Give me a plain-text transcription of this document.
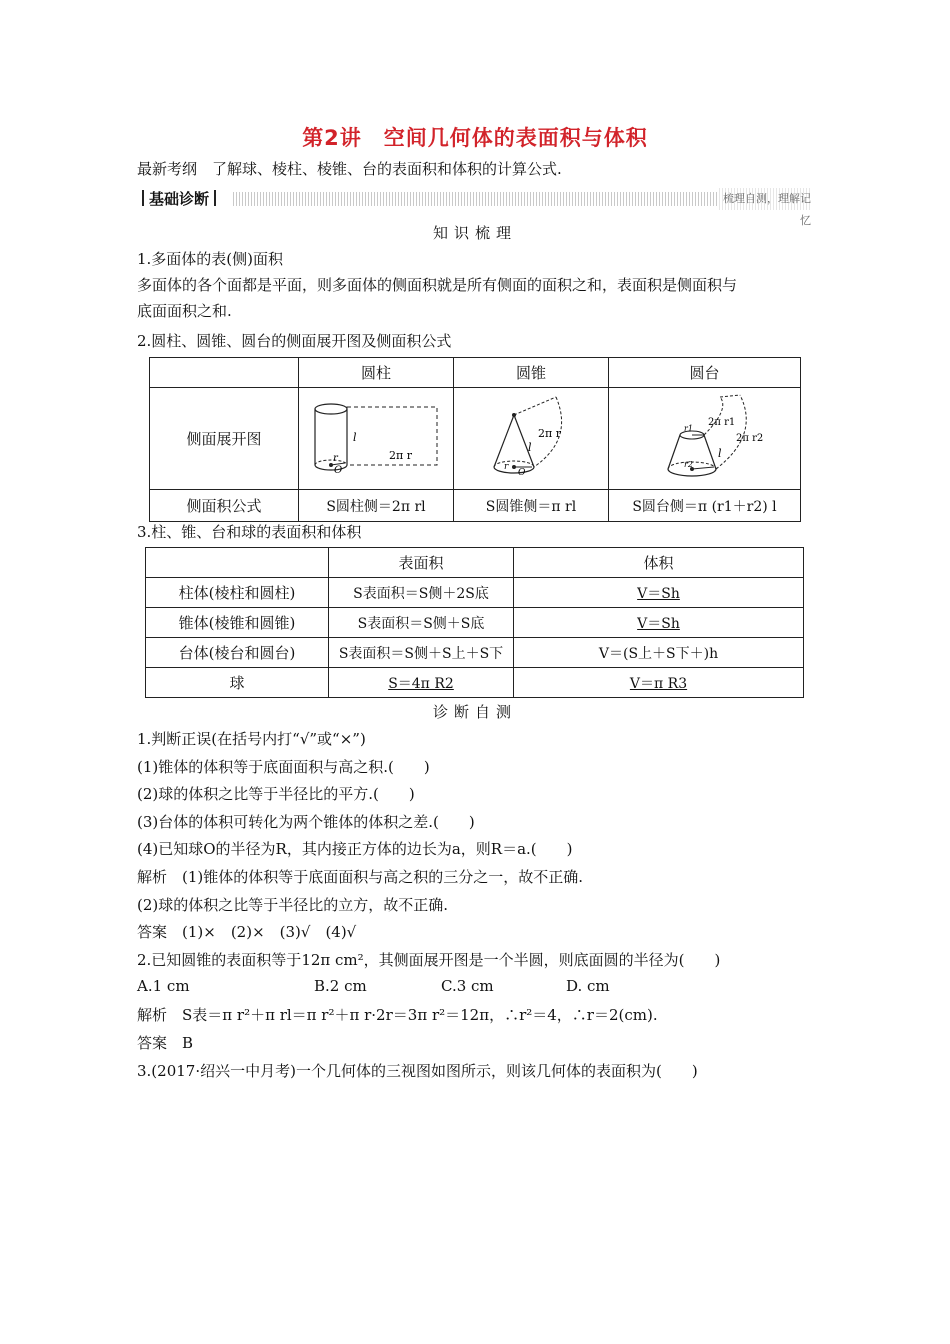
第2讲　空间几何体的表面积与体积
最新考纲　了解球、棱柱、棱锥、台的表面积和体积的计算公式.
基础诊断	梳理自测，理解记忆
知识梳理
1.多面体的表(侧)面积
多面体的各个面都是平面，则多面体的侧面积就是所有侧面的面积之和，表面积是侧面积与
底面面积之和.
2.圆柱、圆锥、圆台的侧面展开图及侧面积公式
	圆柱	圆锥	圆台
侧面展开图	l
2π r
r
O	2π r
l
r
O	2π r1
2π r2
r1
r2
l

侧面积公式	S圆柱侧＝2π rl	S圆锥侧＝π rl	S圆台侧＝π (r1＋r2) l
3.柱、锥、台和球的表面积和体积
	表面积	体积
柱体(棱柱和圆柱)	S表面积＝S侧＋2S底	V＝Sh
锥体(棱锥和圆锥)	S表面积＝S侧＋S底	V＝Sh
台体(棱台和圆台)	S表面积＝S侧＋S上＋S下	V＝(S上＋S下＋)h
球	S＝4π R2	V＝π R3
诊断自测
1.判断正误(在括号内打“√”或“×”)
(1)锥体的体积等于底面面积与高之积.(　　)
(2)球的体积之比等于半径比的平方.(　　)
(3)台体的体积可转化为两个锥体的体积之差.(　　)
(4)已知球O的半径为R，其内接正方体的边长为a，则R＝a.(　　)
解析　(1)锥体的体积等于底面面积与高之积的三分之一，故不正确.
(2)球的体积之比等于半径比的立方，故不正确.
答案　(1)×　(2)×　(3)√　(4)√
2.已知圆锥的表面积等于12π cm²，其侧面展开图是一个半圆，则底面圆的半径为(　　)
A.1 cm	B.2 cm	C.3 cm	D. cm
解析　S表＝π r²＋π rl＝π r²＋π r·2r＝3π r²＝12π，∴r²＝4，∴r＝2(cm).
答案　B
3.(2017·绍兴一中月考)一个几何体的三视图如图所示，则该几何体的表面积为(　　)
